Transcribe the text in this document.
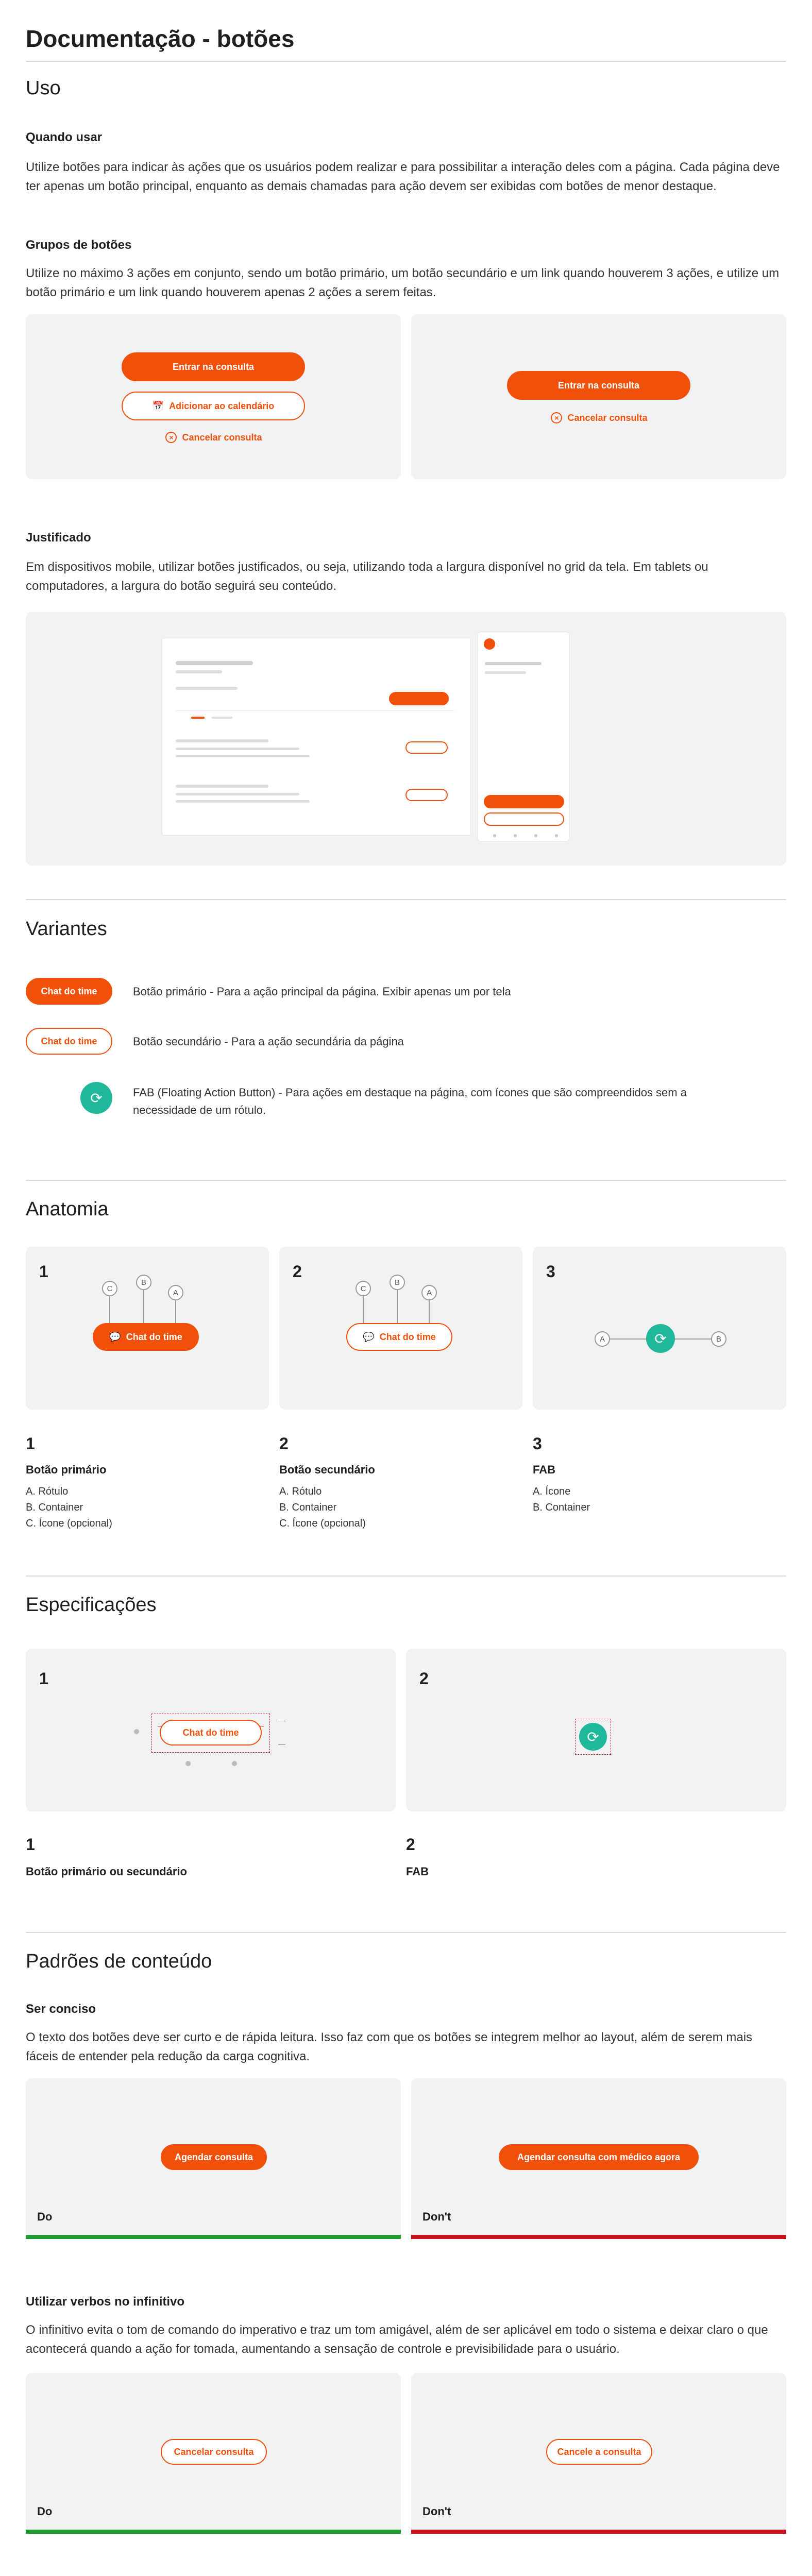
Documentação - botões
Uso
Quando usar
Utilize botões para indicar às ações que os usuários podem realizar e para possibilitar a interação deles com a página. Cada página deve ter apenas um botão principal, enquanto as demais chamadas para ação devem ser exibidas com botões de menor destaque.
Grupos de botões
Utilize no máximo 3 ações em conjunto, sendo um botão primário, um botão secundário e um link quando houverem 3 ações, e utilize um botão primário e um link quando houverem apenas 2 ações a serem feitas.
Entrar na consulta
📅 Adicionar ao calendário
× Cancelar consulta
Entrar na consulta
× Cancelar consulta
Justificado
Em dispositivos mobile, utilizar botões justificados, ou seja, utilizando toda a largura disponível no grid da tela. Em tablets ou computadores, a largura do botão seguirá seu conteúdo.
Variantes
Chat do time	Botão primário - Para a ação principal da página. Exibir apenas um por tela
Chat do time	Botão secundário - Para a ação secundária da página
⟳	FAB (Floating Action Button) - Para ações em destaque na página, com ícones que são compreendidos sem a necessidade de um rótulo.
Anatomia
1
C
B
A
💬 Chat do time
2
C
B
A
💬 Chat do time
3
A	⟳	B
1
Botão primário
A. Rótulo
B. Container
C. Ícone (opcional)
2
Botão secundário
A. Rótulo
B. Container
C. Ícone (opcional)
3
FAB
A. Ícone
B. Container
Especificações
1
Chat do time
2
⟳
1
Botão primário ou secundário
2
FAB
Padrões de conteúdo
Ser conciso
O texto dos botões deve ser curto e de rápida leitura. Isso faz com que os botões se integrem melhor ao layout, além de serem mais fáceis de entender pela redução da carga cognitiva.
Agendar consulta
Do
Agendar consulta com médico agora
Don't
Utilizar verbos no infinitivo
O infinitivo evita o tom de comando do imperativo e traz um tom amigável, além de ser aplicável em todo o sistema e deixar claro o que acontecerá quando a ação for tomada, aumentando a sensação de controle e previsibilidade para o usuário.
Cancelar consulta
Do
Cancele a consulta
Don't
